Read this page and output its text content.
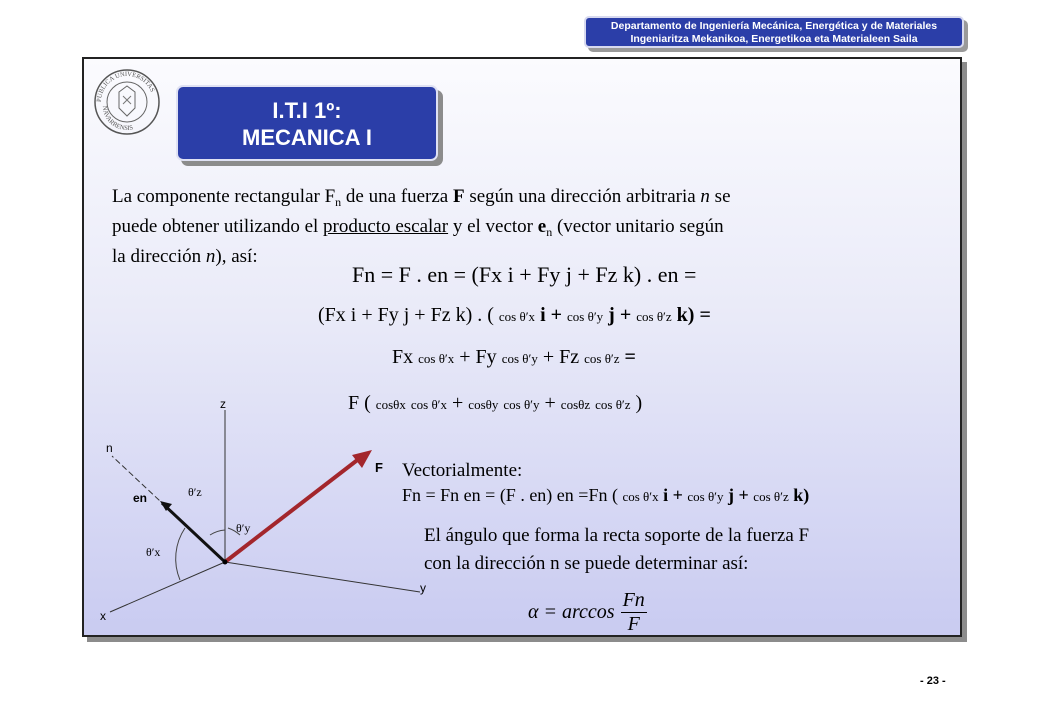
Departamento de Ingeniería Mecánica, Energética y de Materiales
Ingeniaritza Mekanikoa, Energetikoa eta Materialeen Saila
PUBLICA UNIVERSITAS
NAVARRENSIS
I.T.I 1º:
MECANICA I
La componente rectangular $F_n$ de una fuerza F según una dirección arbitraria n se
puede obtener utilizando el producto escalar y el vector $e_n$ (vector unitario según
la dirección n), así:
Fn = F . en = (Fx i + Fy j + Fz k) . en =
(Fx i + Fy j + Fz k) . ( cos θ′x i + cos θ′y j + cos θ′z k) =
Fx cos θ′x + Fy cos θ′y + Fz cos θ′z =
F ( cosθx cos θ′x + cosθy cos θ′y + cosθz cos θ′z )
z
y
x
n
F
en	θ′z
θ′y
θ′x
Vectorialmente:
Fn = Fn en = (F . en) en =Fn ( cos θ′x i + cos θ′y j + cos θ′z k)
El ángulo que forma la recta soporte de la fuerza F
con la dirección n se puede determinar así:
$\alpha = \arccos \frac{Fn}{F}$
- 23 -
